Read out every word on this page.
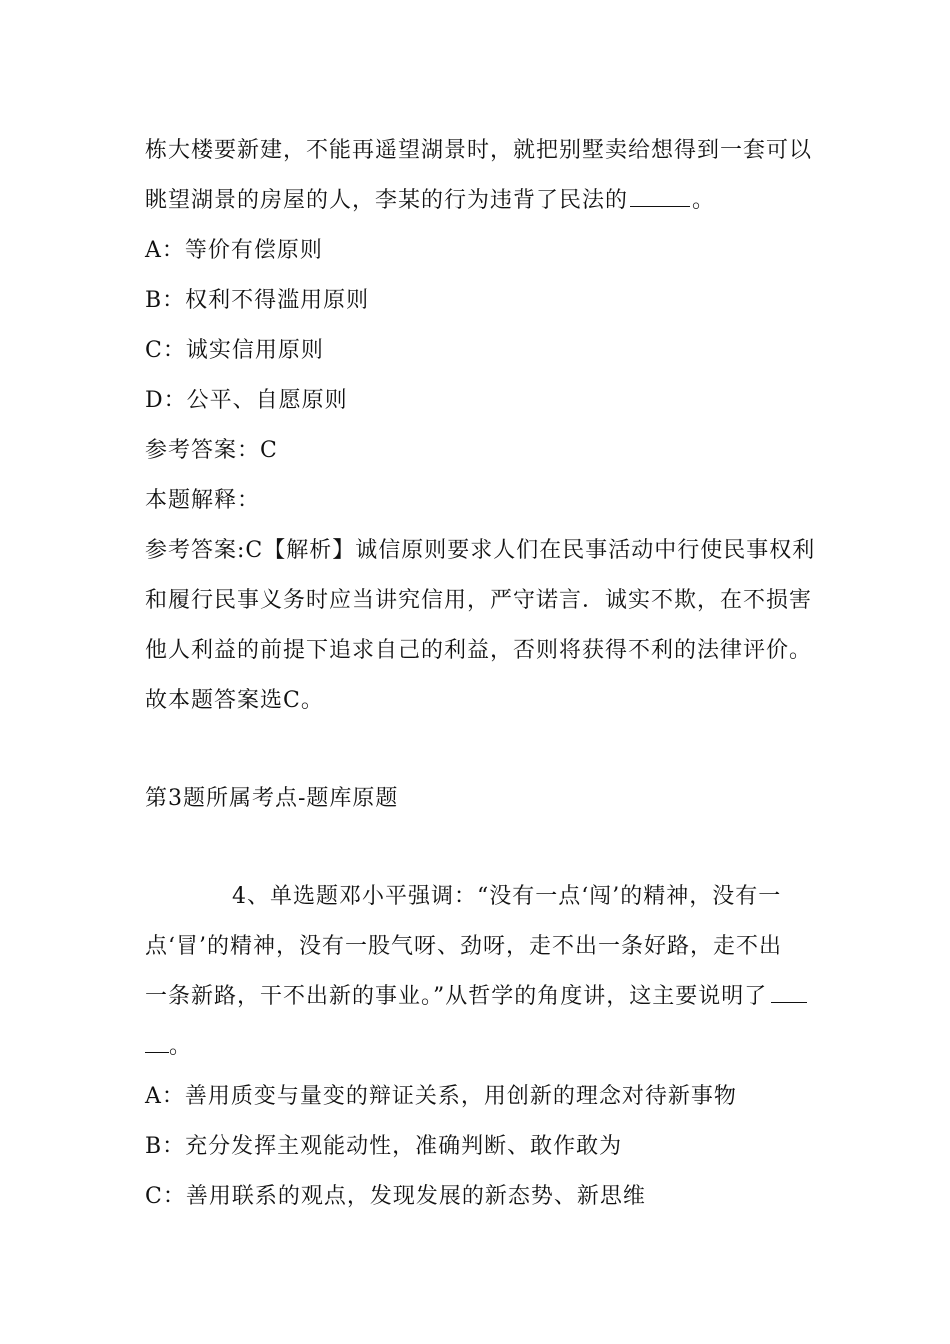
栋大楼要新建，不能再遥望湖景时，就把别墅卖给想得到一套可以
眺望湖景的房屋的人，李某的行为违背了民法的	。
A：等价有偿原则
B：权利不得滥用原则
C：诚实信用原则
D：公平、自愿原则
参考答案：C
本题解释：
参考答案:C【解析】诚信原则要求人们在民事活动中行使民事权利
和履行民事义务时应当讲究信用，严守诺言．诚实不欺，在不损害
他人利益的前提下追求自己的利益，否则将获得不利的法律评价。
故本题答案选C。
第3题所属考点-题库原题
4、单选题邓小平强调：“没有一点‘闯’的精神，没有一
点‘冒’的精神，没有一股气呀、劲呀，走不出一条好路，走不出
一条新路，干不出新的事业。”从哲学的角度讲，这主要说明了
。
A：善用质变与量变的辩证关系，用创新的理念对待新事物
B：充分发挥主观能动性，准确判断、敢作敢为
C：善用联系的观点，发现发展的新态势、新思维
